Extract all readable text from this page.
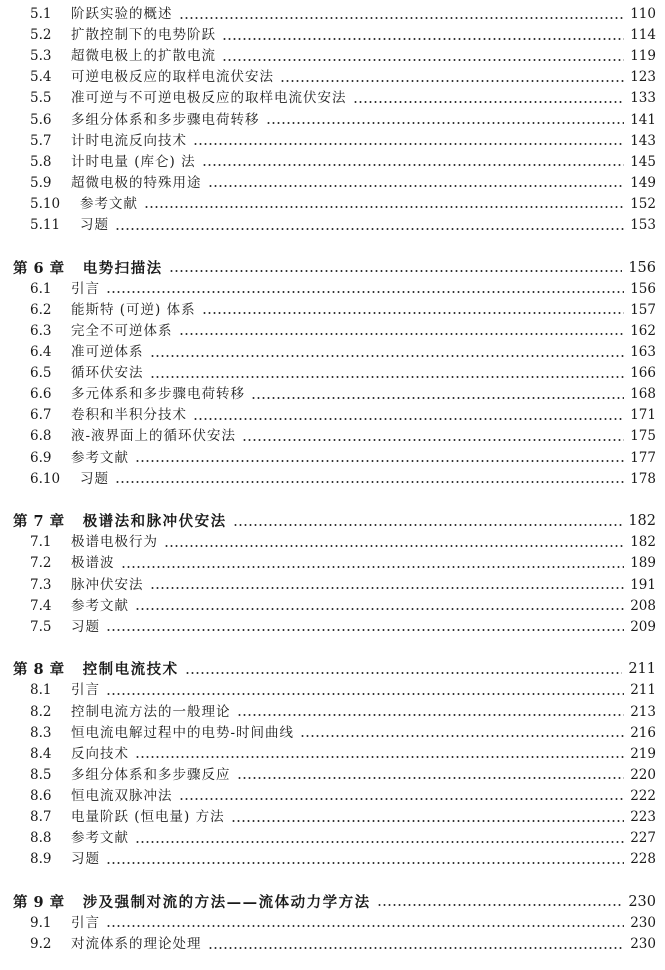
5.1	阶跃实验的概述	110
5.2	扩散控制下的电势阶跃	114
5.3	超微电极上的扩散电流	119
5.4	可逆电极反应的取样电流伏安法	123
5.5	准可逆与不可逆电极反应的取样电流伏安法	133
5.6	多组分体系和多步骤电荷转移	141
5.7	计时电流反向技术	143
5.8	计时电量 (库仑) 法	145
5.9	超微电极的特殊用途	149
5.10	参考文献	152
5.11	习题	153
第 6 章 电势扫描法	156
6.1	引言	156
6.2	能斯特 (可逆) 体系	157
6.3	完全不可逆体系	162
6.4	准可逆体系	163
6.5	循环伏安法	166
6.6	多元体系和多步骤电荷转移	168
6.7	卷积和半积分技术	171
6.8	液-液界面上的循环伏安法	175
6.9	参考文献	177
6.10	习题	178
第 7 章 极谱法和脉冲伏安法	182
7.1	极谱电极行为	182
7.2	极谱波	189
7.3	脉冲伏安法	191
7.4	参考文献	208
7.5	习题	209
第 8 章 控制电流技术	211
8.1	引言	211
8.2	控制电流方法的一般理论	213
8.3	恒电流电解过程中的电势-时间曲线	216
8.4	反向技术	219
8.5	多组分体系和多步骤反应	220
8.6	恒电流双脉冲法	222
8.7	电量阶跃 (恒电量) 方法	223
8.8	参考文献	227
8.9	习题	228
第 9 章 涉及强制对流的方法——流体动力学方法	230
9.1	引言	230
9.2	对流体系的理论处理	230
